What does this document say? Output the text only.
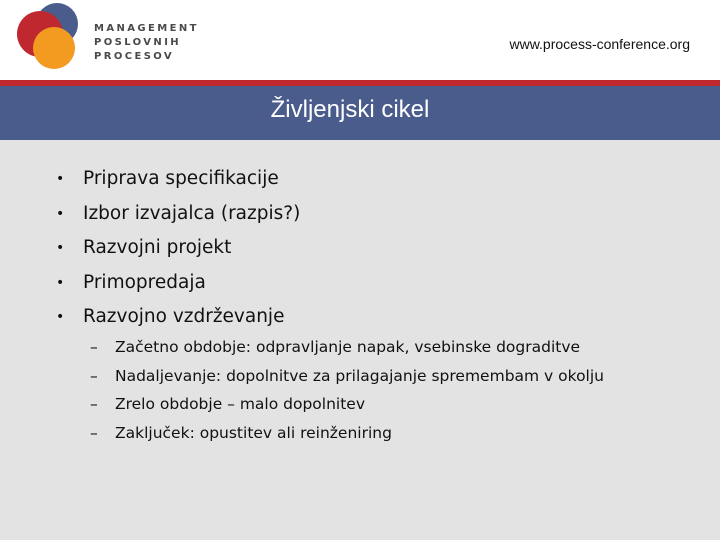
MANAGEMENT
POSLOVNIH
PROCESOV
www.process-conference.org
Življenjski cikel
• Priprava specifikacije
• Izbor izvajalca (razpis?)
• Razvojni projekt
• Primopredaja
• Razvojno vzdrževanje
– Začetno obdobje: odpravljanje napak, vsebinske dograditve
– Nadaljevanje: dopolnitve za prilagajanje spremembam v okolju
– Zrelo obdobje – malo dopolnitev
– Zaključek: opustitev ali reinženiring
